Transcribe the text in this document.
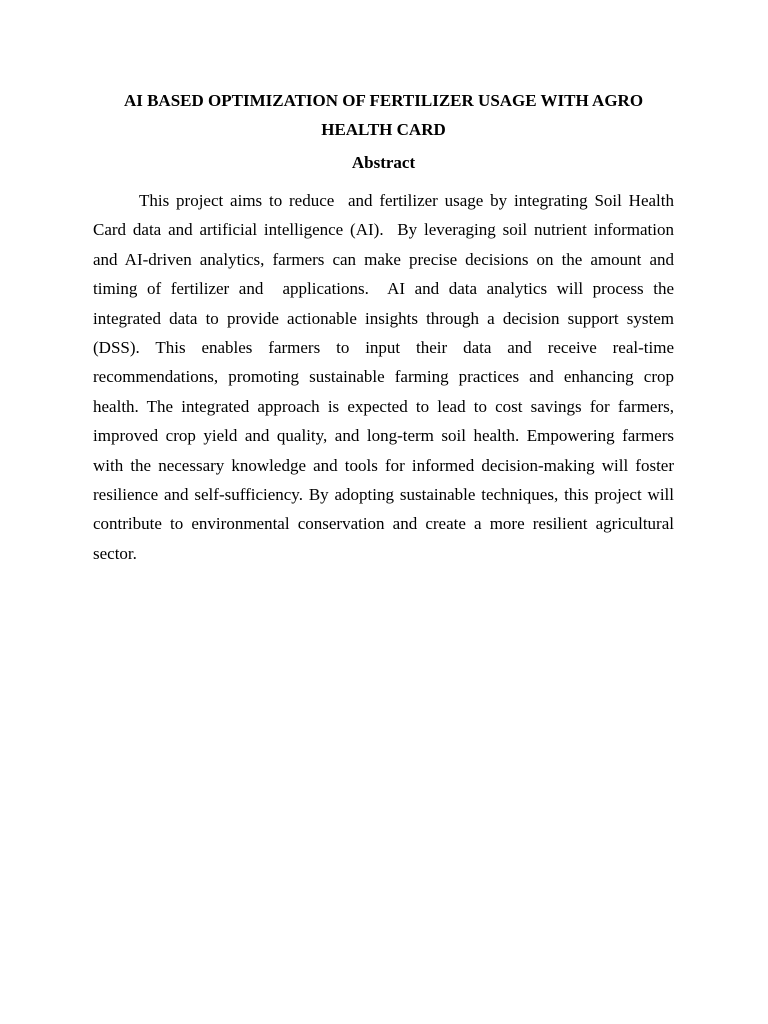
AI BASED OPTIMIZATION OF FERTILIZER USAGE WITH AGRO HEALTH CARD
Abstract

This project aims to reduce  and fertilizer usage by integrating Soil Health Card data and artificial intelligence (AI).  By leveraging soil nutrient information and AI-driven analytics, farmers can make precise decisions on the amount and timing of fertilizer and  applications.  AI and data analytics will process the integrated data to provide actionable insights through a decision support system (DSS). This enables farmers to input their data and receive real-time recommendations, promoting sustainable farming practices and enhancing crop health. The integrated approach is expected to lead to cost savings for farmers, improved crop yield and quality, and long-term soil health. Empowering farmers with the necessary knowledge and tools for informed decision-making will foster resilience and self-sufficiency. By adopting sustainable techniques, this project will contribute to environmental conservation and create a more resilient agricultural sector.
